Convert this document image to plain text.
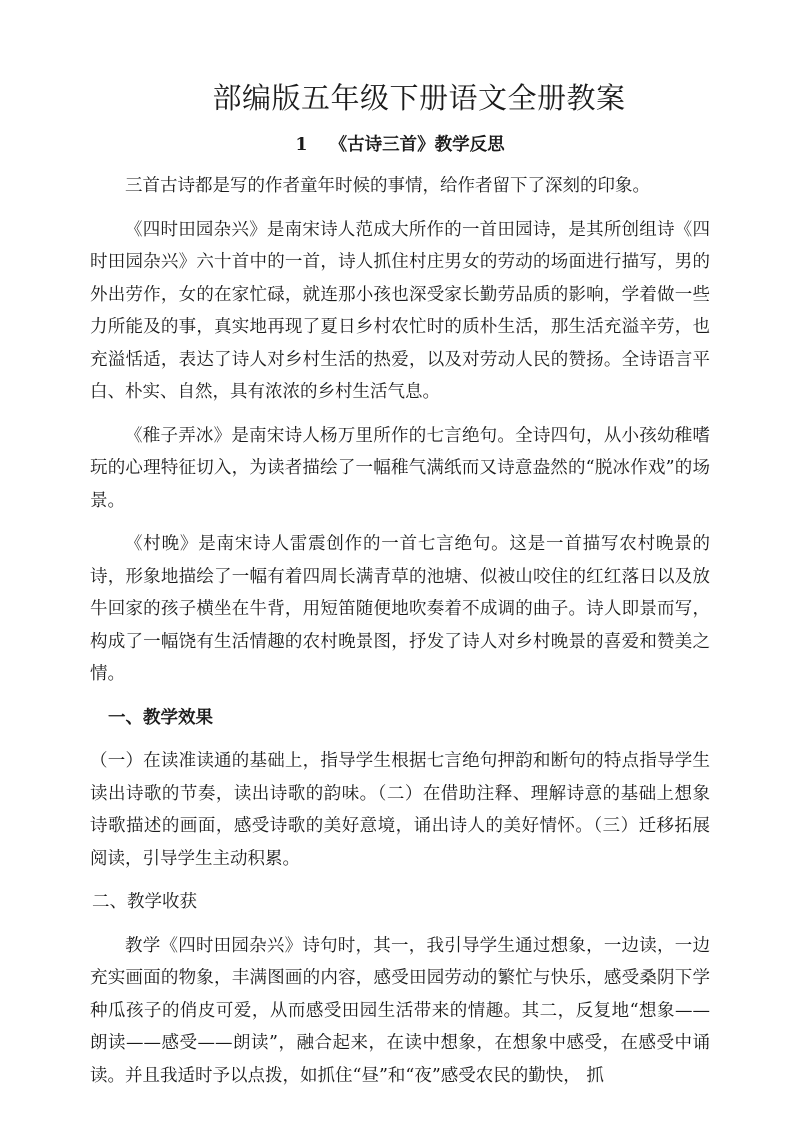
部编版五年级下册语文全册教案
1 《古诗三首》教学反思

三首古诗都是写的作者童年时候的事情，给作者留下了深刻的印象。

《四时田园杂兴》是南宋诗人范成大所作的一首田园诗，是其所创组诗《四时田园杂兴》六十首中的一首，诗人抓住村庄男女的劳动的场面进行描写，男的外出劳作，女的在家忙碌，就连那小孩也深受家长勤劳品质的影响，学着做一些力所能及的事，真实地再现了夏日乡村农忙时的质朴生活，那生活充溢辛劳，也充溢恬适，表达了诗人对乡村生活的热爱，以及对劳动人民的赞扬。全诗语言平白、朴实、自然，具有浓浓的乡村生活气息。

《稚子弄冰》是南宋诗人杨万里所作的七言绝句。全诗四句，从小孩幼稚嗜玩的心理特征切入，为读者描绘了一幅稚气满纸而又诗意盎然的“脱冰作戏”的场景。

《村晚》是南宋诗人雷震创作的一首七言绝句。这是一首描写农村晚景的诗，形象地描绘了一幅有着四周长满青草的池塘、似被山咬住的红红落日以及放牛回家的孩子横坐在牛背，用短笛随便地吹奏着不成调的曲子。诗人即景而写，构成了一幅饶有生活情趣的农村晚景图，抒发了诗人对乡村晚景的喜爱和赞美之情。

一、教学效果

（一）在读准读通的基础上，指导学生根据七言绝句押韵和断句的特点指导学生读出诗歌的节奏，读出诗歌的韵味。（二）在借助注释、理解诗意的基础上想象诗歌描述的画面，感受诗歌的美好意境，诵出诗人的美好情怀。（三）迁移拓展阅读，引导学生主动积累。

二、教学收获

教学《四时田园杂兴》诗句时，其一，我引导学生通过想象，一边读，一边充实画面的物象，丰满图画的内容，感受田园劳动的繁忙与快乐，感受桑阴下学种瓜孩子的俏皮可爱，从而感受田园生活带来的情趣。其二，反复地“想象——朗读——感受——朗读”，融合起来，在读中想象，在想象中感受，在感受中诵读。并且我适时予以点拨，如抓住“昼”和“夜”感受农民的勤快， 抓
